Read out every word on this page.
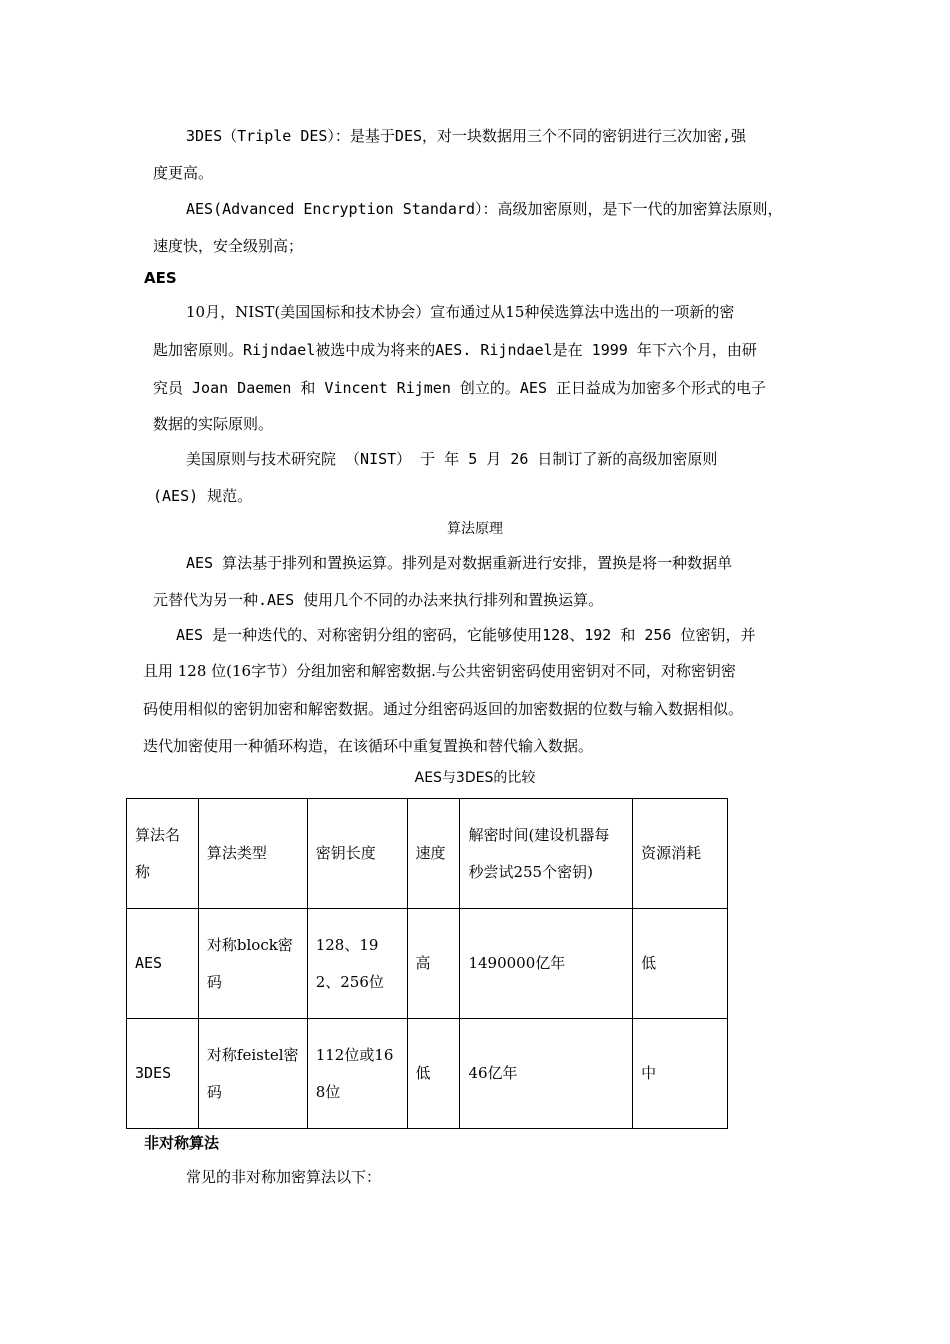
3DES（Triple DES）：是基于DES，对一块数据用三个不同的密钥进行三次加密,强
度更高。
AES(Advanced Encryption Standard）：高级加密原则，是下一代的加密算法原则，
速度快，安全级别高；
AES
10月，NIST(美国国标和技术协会）宣布通过从15种侯选算法中选出的一项新的密
匙加密原则。Rijndael被选中成为将来的AES. Rijndael是在 1999 年下六个月，由研
究员 Joan Daemen 和 Vincent Rijmen 创立的。AES 正日益成为加密多个形式的电子
数据的实际原则。
美国原则与技术研究院 （NIST） 于 年 5 月 26 日制订了新的高级加密原则
(AES) 规范。
算法原理
AES 算法基于排列和置换运算。排列是对数据重新进行安排，置换是将一种数据单
元替代为另一种.AES 使用几个不同的办法来执行排列和置换运算。
AES 是一种迭代的、对称密钥分组的密码，它能够使用128、192 和 256 位密钥，并
且用 128 位(16字节）分组加密和解密数据.与公共密钥密码使用密钥对不同，对称密钥密
码使用相似的密钥加密和解密数据。通过分组密码返回的加密数据的位数与输入数据相似。
迭代加密使用一种循环构造，在该循环中重复置换和替代输入数据。
AES与3DES的比较
算法名称	算法类型	密钥长度	速度	解密时间(建设机器每秒尝试255个密钥)	资源消耗

AES	对称block密码	128、192、256位	高	1490000亿年	低

3DES	对称feistel密码	112位或168位	低	46亿年	中
非对称算法
常见的非对称加密算法以下：
